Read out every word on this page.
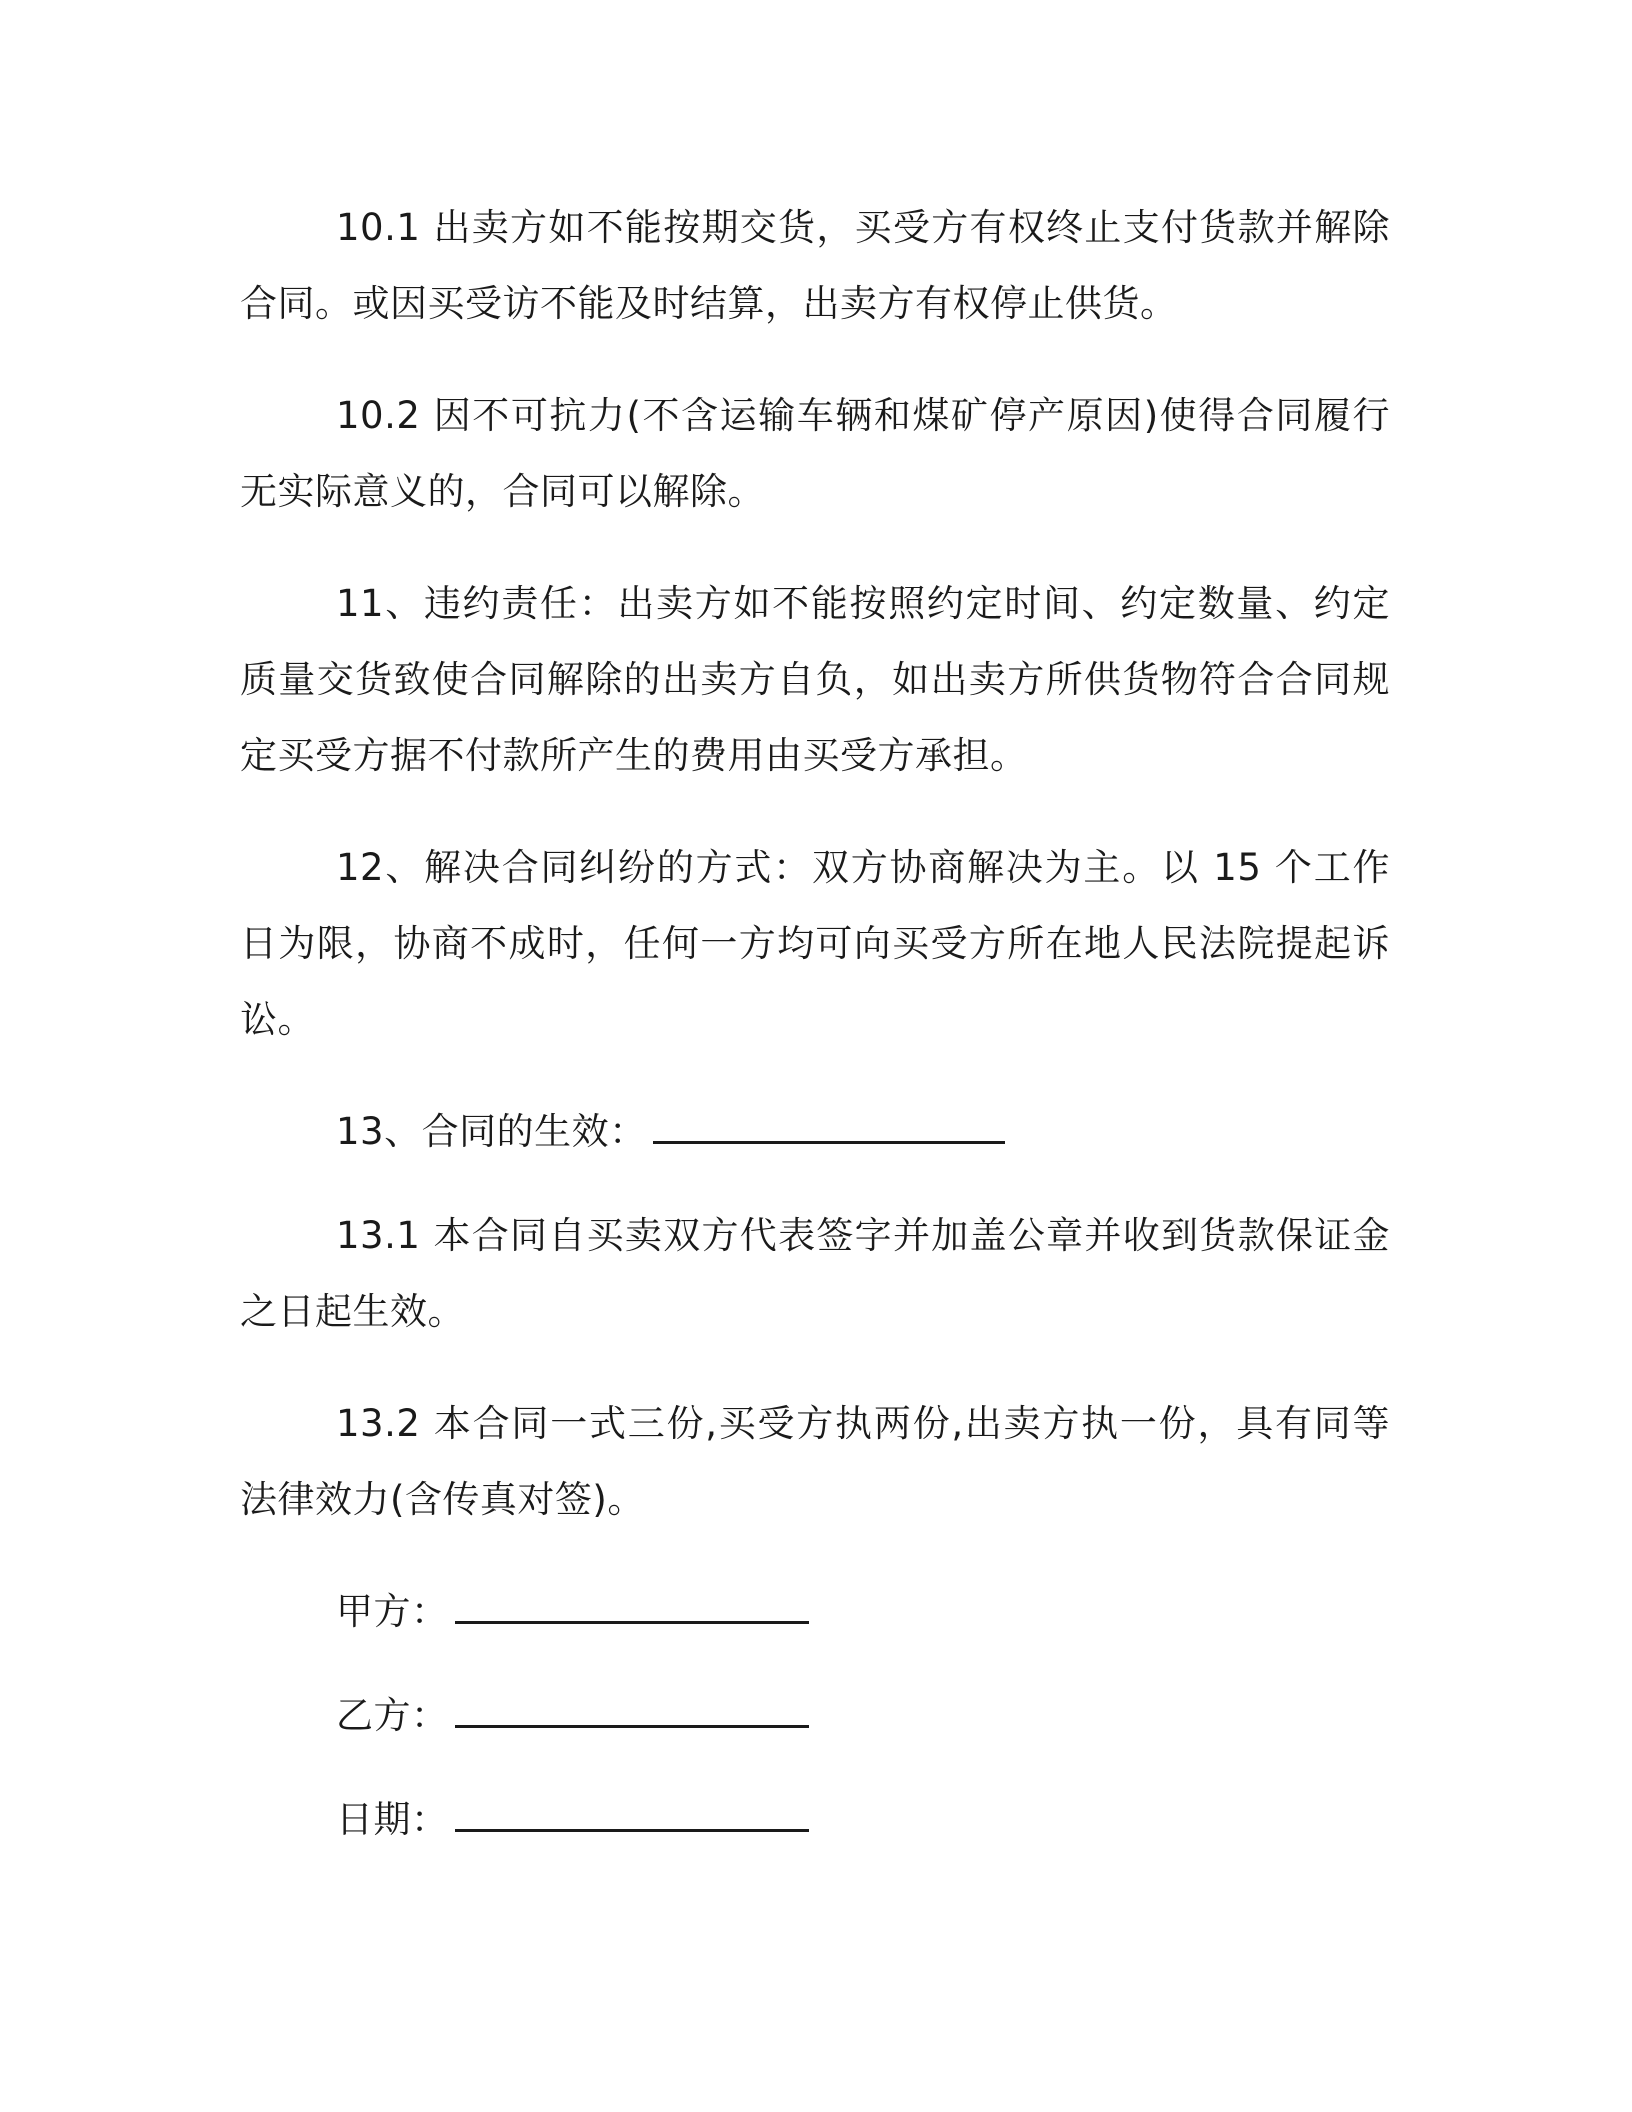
10.1 出卖方如不能按期交货，买受方有权终止支付货款并解除合同。或因买受访不能及时结算，出卖方有权停止供货。

10.2 因不可抗力(不含运输车辆和煤矿停产原因)使得合同履行无实际意义的，合同可以解除。

11、违约责任：出卖方如不能按照约定时间、约定数量、约定质量交货致使合同解除的出卖方自负，如出卖方所供货物符合合同规定买受方据不付款所产生的费用由买受方承担。

12、解决合同纠纷的方式：双方协商解决为主。以 15 个工作日为限，协商不成时，任何一方均可向买受方所在地人民法院提起诉讼。

13、合同的生效：

13.1 本合同自买卖双方代表签字并加盖公章并收到货款保证金之日起生效。

13.2 本合同一式三份,买受方执两份,出卖方执一份，具有同等法律效力(含传真对签)。

甲方：
乙方：
日期：
